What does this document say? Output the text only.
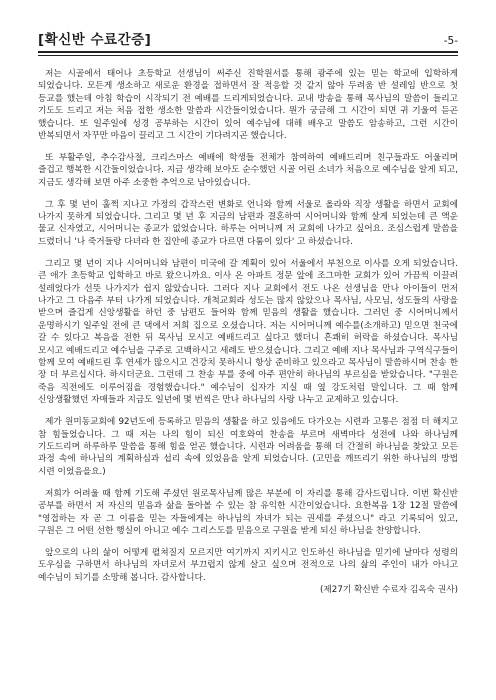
[확신반 수료간증]	-5-

저는 시골에서 태어나 초등학교 선생님이 써주신 진학원서를 통해 광주에 있는 믿는 학교에 입학하게 되었습니다. 모든게 생소하고 새로운 환경을 접하면서 잘 적응할 것 같지 않아 두려움 반 설레임 반으로 첫 등교를 했는데 아침 학습이 시작되기 전 예배를 드리게되었습니다. 교내 방송을 통해 목사님의 말씀이 들리고 기도도 드리고 저는 처음 접한 생소한 말씀과 시간들이었습니다. 뭔가 궁금해 그 시간이 되면 귀 기울여 듣곤 했습니다. 또 일주일에 성경 공부하는 시간이 있어 예수님에 대해 배우고 말씀도 암송하고, 그런 시간이 반복되면서 자꾸만 마음이 끌리고 그 시간이 기다려지곤 했습니다.

또 부활주일, 추수감사절, 크리스마스 예배에 학생들 전체가 참여하여 예배드리며 친구들과도 어울리며 즐겁고 행복한 시간들이었습니다. 지금 생각해 보아도 순수했던 시골 어린 소녀가 처음으로 예수님을 알게 되고, 지금도 생각해 보면 아주 소중한 추억으로 남아있습니다.

그 후 몇 년이 훌쩍 지나고 가정의 갑작스런 변화로 언니와 함께 서울로 올라와 직장 생활을 하면서 교회에 나가지 못하게 되었습니다. 그리고 몇 년 후 지금의 남편과 결혼하여 시어머니와 함께 살게 되었는데 큰 액운 물교 신자였고, 시어머니는 종교가 없었습니다. 하루는 어머니께 저 교회에 나가고 싶어요. 조심스럽게 말씀을 드렸더니 '나 죽거들랑 다녀라 한 집안에 종교가 다르면 다툼이 있다' 고 하셨습니다.

그리고 몇 년이 지나 시어머니와 남편이 미국에 갈 계획이 있어 서울에서 부천으로 이사를 오게 되었습니다. 큰 애가 초등학교 입학하고 바로 왔으니까요. 이사 온 아파트 정문 앞에 조그마한 교회가 있어 가끔씩 이끌려 설레었다가 선뜻 나가지가 쉽지 않았습니다. 그러다 지나 교회에서 전도 나온 선생님을 만나 아이들이 먼저 나가고 그 다음주 부터 나가게 되었습니다. 개척교회라 성도는 많지 않았으나 목사님, 사모님, 성도들의 사랑을 받으며 즐겁게 신앙생활을 하던 중 남편도 들어와 함께 믿음의 생활을 했습니다. 그러던 중 시어머니께서 운명하시기 일주일 전에 큰 댁에서 저희 집으로 오셨습니다. 저는 시어머니께 예수를(소개하고) 믿으면 천국에 갈 수 있다고 복음을 전한 뒤 목사님 모시고 예배드리고 싶다고 했더니 흔쾌히 허락을 하셨습니다. 목사님 모시고 예배드리고 예수님을 구주로 고백하시고 세례도 받으셨습니다. 그리고 예배 지나 목사님과 구역식구들이 함께 모여 예배드린 후 연세가 많으시고 건강치 못하시니 항상 준비하고 있으라고 목사님이 말씀하시며 찬송 한 장 더 부르십시다. 하시더군요. 그런데 그 찬송 부를 중에 아주 편안히 하나님의 부르심을 받았습니다. "구원은 죽음 직전에도 이루어짐을 경험했습니다." 예수님이 십자가 지실 때 옆 강도처럼 말입니다. 그 때 함께 신앙생활했던 자매들과 지금도 일년에 몇 번씩은 만나 하나님의 사랑 나누고 교제하고 있습니다.

제가 원미동교회에 92년도에 등록하고 믿음의 생활을 하고 있음에도 다가오는 시련과 고통은 점점 더 해지고 참 힘들었습니다. 그 때 저는 나의 힘이 되신 여호와여 찬송을 부르며 새벽마다 성전에 나와 하나님께 기도드리며 하루하루 말씀을 통해 힘을 얻곤 했습니다. 시련과 어려움을 통해 더 간절히 하나님을 찾았고 모든 과정 속에 하나님의 계획하심과 섭리 속에 있었음을 알게 되었습니다. (고민을 깨뜨리기 위한 하나님의 방법 시련 이었음을요.)

저희가 어려울 때 함께 기도해 주셨던 원로목사님께 많은 부분에 이 자리를 통해 감사드립니다. 이번 확신반 공부를 하면서 저 자신의 믿음과 삶을 돌아볼 수 있는 참 유익한 시간이었습니다. 요한복음 1장 12절 말씀에 "영접하는 자 곧 그 이름을 믿는 자들에게는 하나님의 자녀가 되는 권세를 주셨으니" 라고 기록되어 있고, 구원은 그 어떤 선한 행실이 아니고 예수 그리스도를 믿음으로 구원을 받게 되신 하나님을 찬양합니다.

앞으로의 나의 삶이 어떻게 펼쳐질지 모르지만 여기까지 지키시고 인도하신 하나님을 믿기에 날마다 성령의 도우심을 구하면서 하나님의 자녀로서 부끄럽지 않게 살고 싶으며 전적으로 나의 삶의 주인이 내가 아니고 예수님이 되기를 소망해 봅니다. 감사합니다.

(제27기 확신반 수료자 김옥숙 권사)
